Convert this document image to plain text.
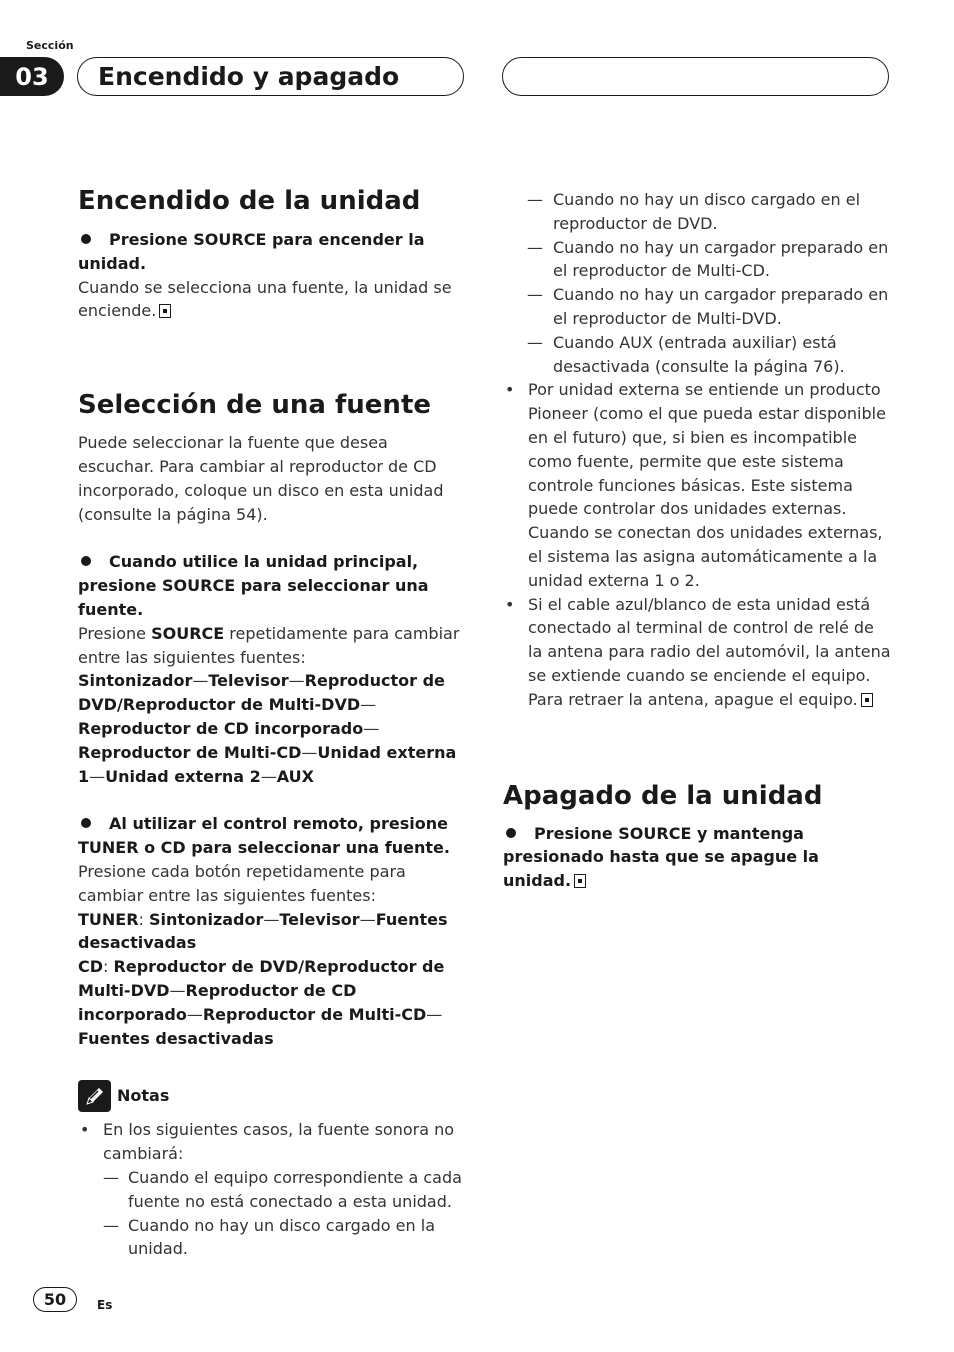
Sección
03	Encendido y apagado
Encendido de la unidad
Presione SOURCE para encender la unidad.
Cuando se selecciona una fuente, la unidad se enciende.
Selección de una fuente
Puede seleccionar la fuente que desea escuchar. Para cambiar al reproductor de CD incorporado, coloque un disco en esta unidad (consulte la página 54).
Cuando utilice la unidad principal, presione SOURCE para seleccionar una fuente.
Presione SOURCE repetidamente para cambiar entre las siguientes fuentes:
Sintonizador—Televisor—Reproductor de DVD/Reproductor de Multi-DVD—Reproductor de CD incorporado—Reproductor de Multi-CD—Unidad externa 1—Unidad externa 2—AUX
Al utilizar el control remoto, presione TUNER o CD para seleccionar una fuente.
Presione cada botón repetidamente para cambiar entre las siguientes fuentes:
TUNER: Sintonizador—Televisor—Fuentes desactivadas
CD: Reproductor de DVD/Reproductor de Multi-DVD—Reproductor de CD incorporado—Reproductor de Multi-CD—Fuentes desactivadas
Notas
• En los siguientes casos, la fuente sonora no cambiará:
— Cuando el equipo correspondiente a cada fuente no está conectado a esta unidad.
— Cuando no hay un disco cargado en la unidad.
— Cuando no hay un disco cargado en el reproductor de DVD.
— Cuando no hay un cargador preparado en el reproductor de Multi-CD.
— Cuando no hay un cargador preparado en el reproductor de Multi-DVD.
— Cuando AUX (entrada auxiliar) está desactivada (consulte la página 76).
• Por unidad externa se entiende un producto Pioneer (como el que pueda estar disponible en el futuro) que, si bien es incompatible como fuente, permite que este sistema controle funciones básicas. Este sistema puede controlar dos unidades externas. Cuando se conectan dos unidades externas, el sistema las asigna automáticamente a la unidad externa 1 o 2.
• Si el cable azul/blanco de esta unidad está conectado al terminal de control de relé de la antena para radio del automóvil, la antena se extiende cuando se enciende el equipo. Para retraer la antena, apague el equipo.
Apagado de la unidad
Presione SOURCE y mantenga presionado hasta que se apague la unidad.
50	Es
